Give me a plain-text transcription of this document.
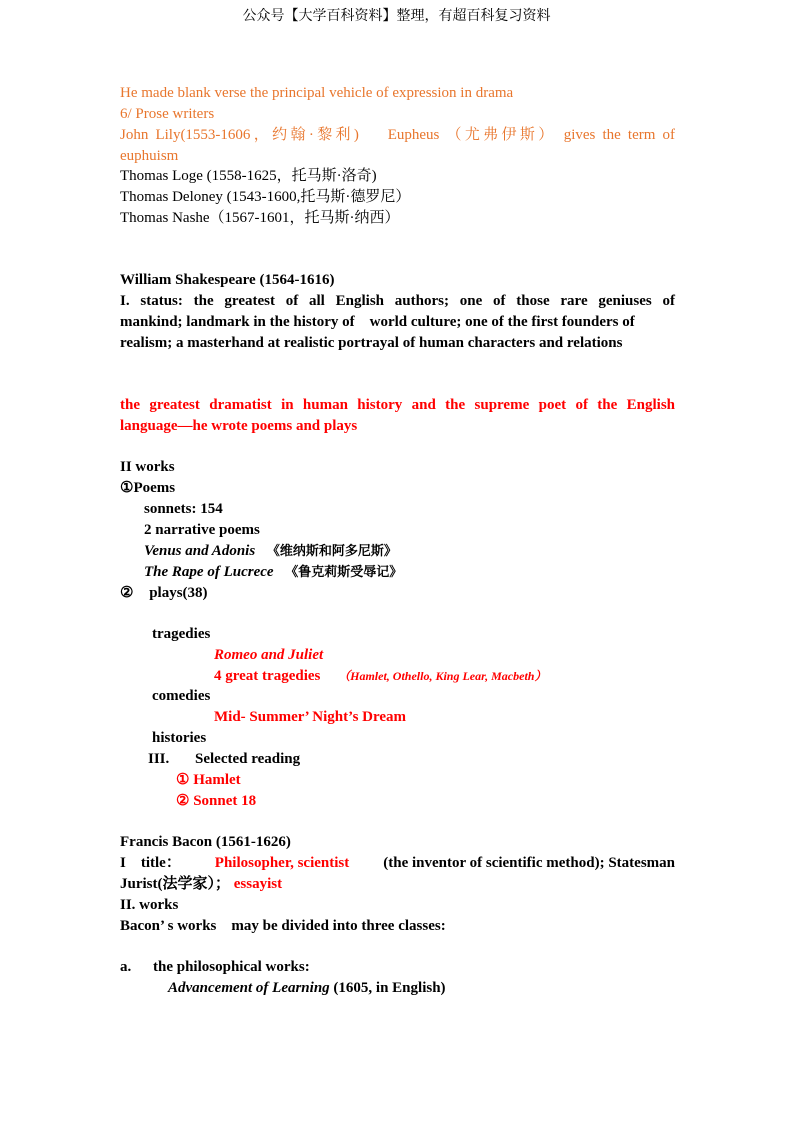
公众号【大学百科资料】整理，有超百科复习资料
He made blank verse the principal vehicle of expression in drama
6/ Prose writers
John Lily(1553-1606，约翰·黎利)　 Eupheus （尤弗伊斯） gives the term of
euphuism
Thomas Loge (1558-1625，托马斯·洛奇)
Thomas Deloney (1543-1600,托马斯·德罗尼）
Thomas Nashe（1567-1601，托马斯·纳西）
William Shakespeare (1564-1616)
I. status: the greatest of all English authors; one of those rare geniuses of
mankind; landmark in the history of　world culture; one of the first founders of
realism; a masterhand at realistic portrayal of human characters and relations
the greatest dramatist in human history and the supreme poet of the English
language—he wrote poems and plays
II works
①Poems
sonnets: 154
2 narrative poems
Venus and Adonis 《维纳斯和阿多尼斯》
The Rape of Lucrece 《鲁克莉斯受辱记》
② plays(38)
tragedies
Romeo and Juliet
4 great tragedies （Hamlet, Othello, King Lear, Macbeth）
comedies
Mid- Summer’ Night’s Dream
histories
III. Selected reading
① Hamlet
② Sonnet 18
Francis Bacon (1561-1626)
I　title： Philosopher, scientist (the inventor of scientific method); Statesman
Jurist(法学家）； essayist
II. works
Bacon’ s works　may be divided into three classes:
a. the philosophical works:
Advancement of Learning (1605, in English)
